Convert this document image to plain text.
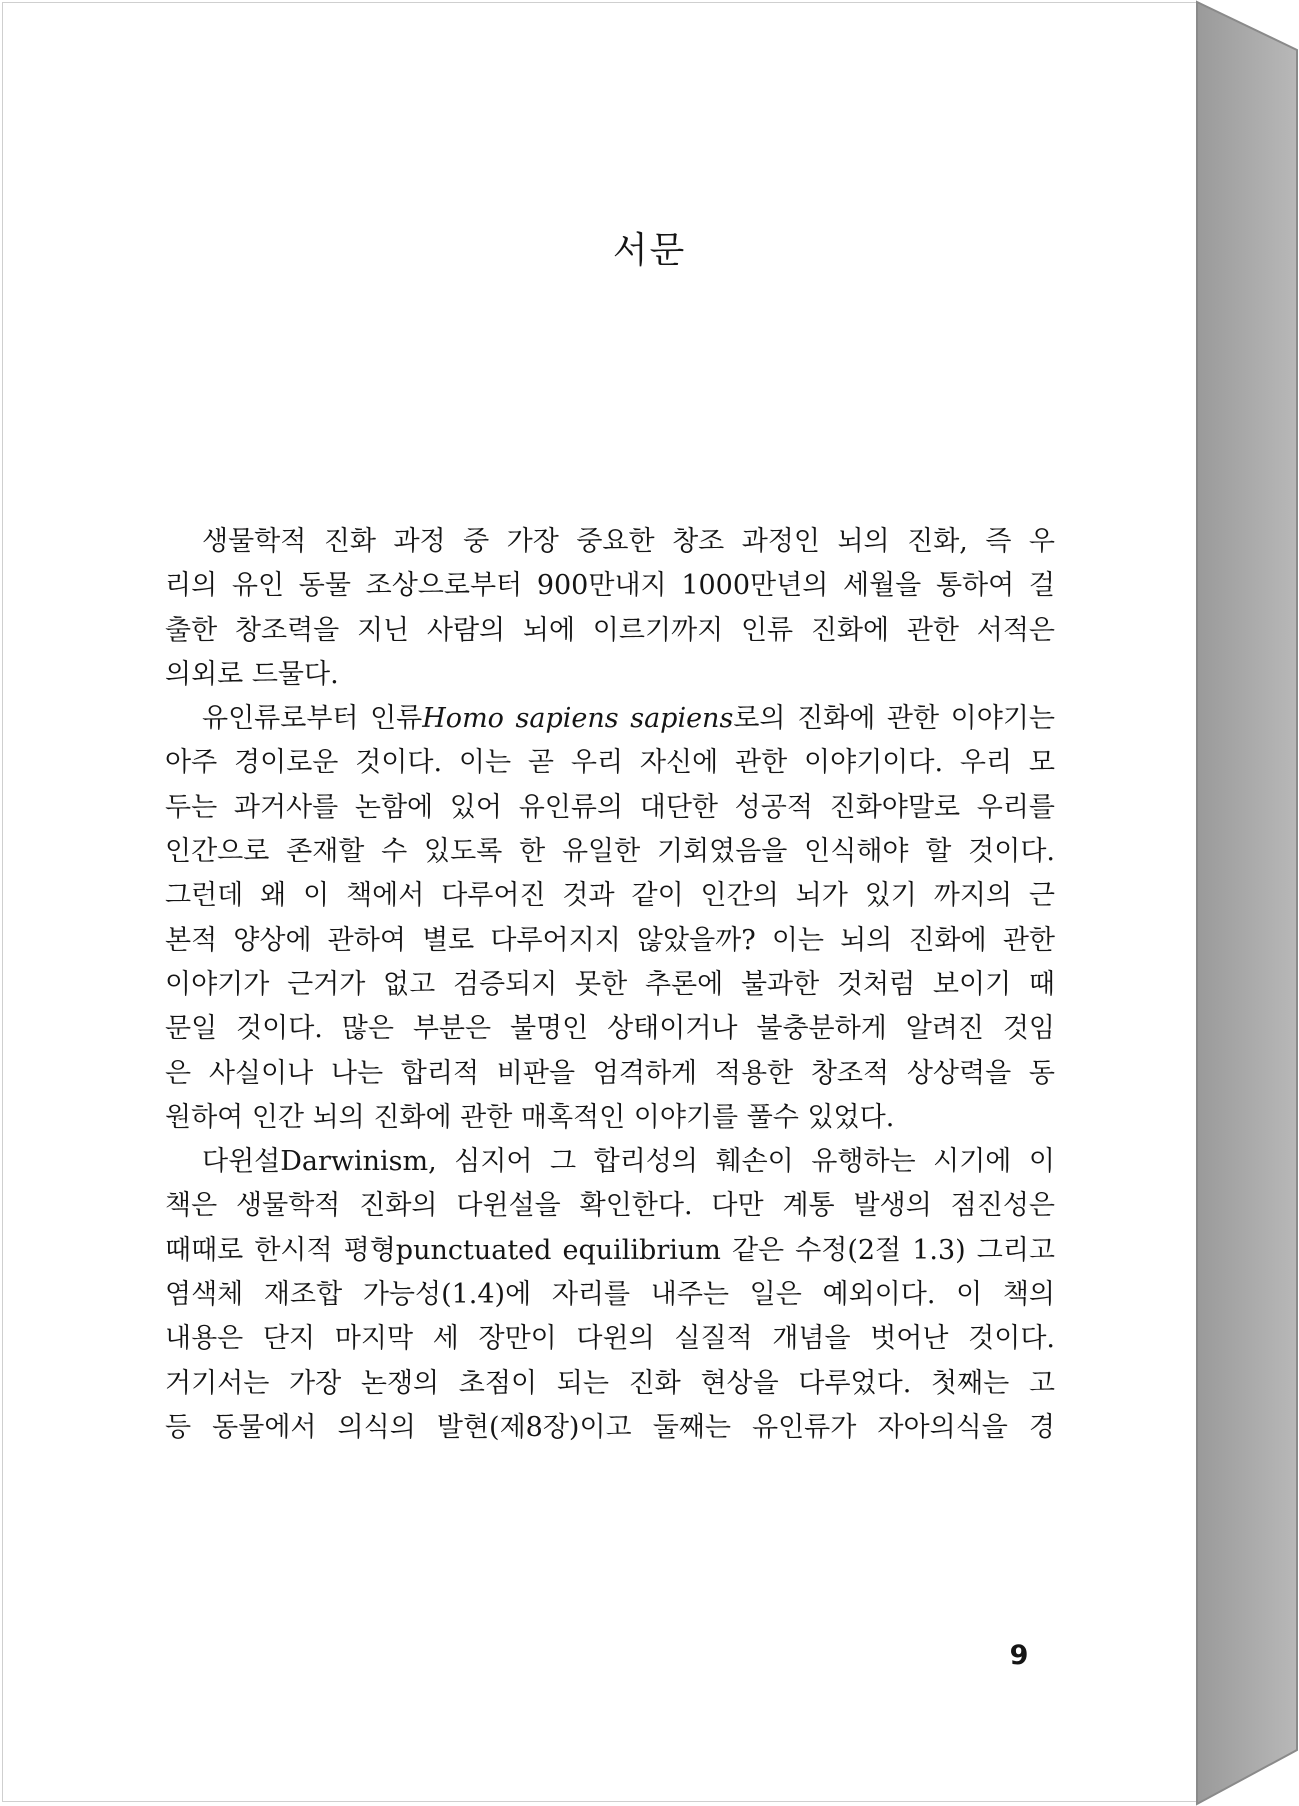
서문
생물학적 진화 과정 중 가장 중요한 창조 과정인 뇌의 진화, 즉 우
리의 유인 동물 조상으로부터 900만내지 1000만년의 세월을 통하여 걸
출한 창조력을 지닌 사람의 뇌에 이르기까지 인류 진화에 관한 서적은
의외로 드물다.
유인류로부터 인류Homo sapiens sapiens로의 진화에 관한 이야기는
아주 경이로운 것이다. 이는 곧 우리 자신에 관한 이야기이다. 우리 모
두는 과거사를 논함에 있어 유인류의 대단한 성공적 진화야말로 우리를
인간으로 존재할 수 있도록 한 유일한 기회였음을 인식해야 할 것이다.
그런데 왜 이 책에서 다루어진 것과 같이 인간의 뇌가 있기 까지의 근
본적 양상에 관하여 별로 다루어지지 않았을까? 이는 뇌의 진화에 관한
이야기가 근거가 없고 검증되지 못한 추론에 불과한 것처럼 보이기 때
문일 것이다. 많은 부분은 불명인 상태이거나 불충분하게 알려진 것임
은 사실이나 나는 합리적 비판을 엄격하게 적용한 창조적 상상력을 동
원하여 인간 뇌의 진화에 관한 매혹적인 이야기를 풀수 있었다.
다윈설Darwinism, 심지어 그 합리성의 훼손이 유행하는 시기에 이
책은 생물학적 진화의 다윈설을 확인한다. 다만 계통 발생의 점진성은
때때로 한시적 평형punctuated equilibrium 같은 수정(2절 1.3) 그리고
염색체 재조합 가능성(1.4)에 자리를 내주는 일은 예외이다. 이 책의
내용은 단지 마지막 세 장만이 다윈의 실질적 개념을 벗어난 것이다.
거기서는 가장 논쟁의 초점이 되는 진화 현상을 다루었다. 첫째는 고
등 동물에서 의식의 발현(제8장)이고 둘째는 유인류가 자아의식을 경
9
